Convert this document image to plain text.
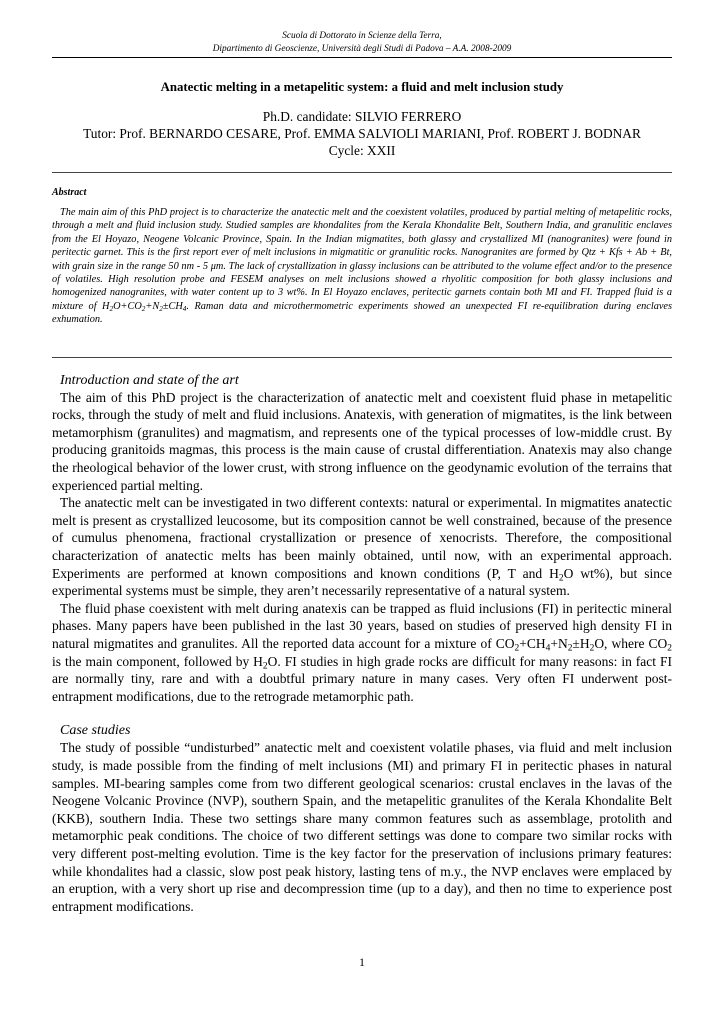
Scuola di Dottorato in Scienze della Terra,
Dipartimento di Geoscienze, Università degli Studi di Padova – A.A. 2008-2009
Anatectic melting in a metapelitic system: a fluid and melt inclusion study
Ph.D. candidate: SILVIO FERRERO
Tutor: Prof. BERNARDO CESARE, Prof. EMMA SALVIOLI MARIANI, Prof. ROBERT J. BODNAR
Cycle: XXII
Abstract

The main aim of this PhD project is to characterize the anatectic melt and the coexistent volatiles, produced by partial melting of metapelitic rocks, through a melt and fluid inclusion study. Studied samples are khondalites from the Kerala Khondalite Belt, Southern India, and granulitic enclaves from the El Hoyazo, Neogene Volcanic Province, Spain. In the Indian migmatites, both glassy and crystallized MI (nanogranites) were found in peritectic garnet. This is the first report ever of melt inclusions in migmatitic or granulitic rocks. Nanogranites are formed by Qtz + Kfs + Ab + Bt, with grain size in the range 50 nm - 5 μm. The lack of crystallization in glassy inclusions can be attributed to the volume effect and/or to the presence of volatiles. High resolution probe and FESEM analyses on melt inclusions showed a rhyolitic composition for both glassy inclusions and homogenized nanogranites, with water content up to 3 wt%. In El Hoyazo enclaves, peritectic garnets contain both MI and FI. Trapped fluid is a mixture of $H_2O+CO_2+N_2\pm CH_4$. Raman data and microthermometric experiments showed an unexpected FI re-equilibration during enclaves exhumation.

Introduction and state of the art

The aim of this PhD project is the characterization of anatectic melt and coexistent fluid phase in metapelitic rocks, through the study of melt and fluid inclusions. Anatexis, with generation of migmatites, is the link between metamorphism (granulites) and magmatism, and represents one of the typical processes of low-middle crust. By producing granitoids magmas, this process is the main cause of crustal differentiation. Anatexis may also change the rheological behavior of the lower crust, with strong influence on the geodynamic evolution of the terrains that experienced partial melting.

The anatectic melt can be investigated in two different contexts: natural or experimental. In migmatites anatectic melt is present as crystallized leucosome, but its composition cannot be well constrained, because of the presence of cumulus phenomena, fractional crystallization or presence of xenocrists. Therefore, the compositional characterization of anatectic melts has been mainly obtained, until now, with an experimental approach. Experiments are performed at known compositions and known conditions (P, T and $H_2O$ wt%), but since experimental systems must be simple, they aren’t necessarily representative of a natural system.

The fluid phase coexistent with melt during anatexis can be trapped as fluid inclusions (FI) in peritectic mineral phases. Many papers have been published in the last 30 years, based on studies of preserved high density FI in natural migmatites and granulites. All the reported data account for a mixture of $CO_2+CH_4+N_2\pm H_2O$, where $CO_2$ is the main component, followed by $H_2O$. FI studies in high grade rocks are difficult for many reasons: in fact FI are normally tiny, rare and with a doubtful primary nature in many cases. Very often FI underwent post-entrapment modifications, due to the retrograde metamorphic path.

Case studies

The study of possible “undisturbed” anatectic melt and coexistent volatile phases, via fluid and melt inclusion study, is made possible from the finding of melt inclusions (MI) and primary FI in peritectic phases in natural samples. MI-bearing samples come from two different geological scenarios: crustal enclaves in the lavas of the Neogene Volcanic Province (NVP), southern Spain, and the metapelitic granulites of the Kerala Khondalite Belt (KKB), southern India. These two settings share many common features such as assemblage, protolith and metamorphic peak conditions. The choice of two different settings was done to compare two similar rocks with very different post-melting evolution. Time is the key factor for the preservation of inclusions primary features: while khondalites had a classic, slow post peak history, lasting tens of m.y., the NVP enclaves were emplaced by an eruption, with a very short up rise and decompression time (up to a day), and then no time to experience post entrapment modifications.

1
